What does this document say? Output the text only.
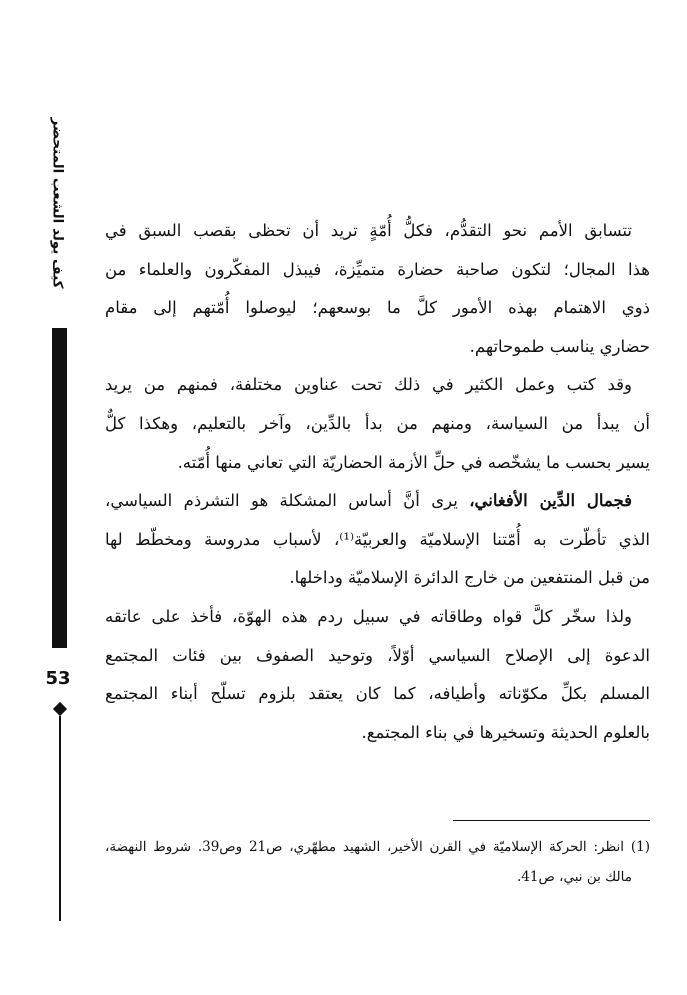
كيف يولد الشعب المتحضر
53
تتسابق الأمم نحو التقدُّم، فكلُّ أُمّةٍ تريد أن تحظى بقصب السبق في
هذا المجال؛ لتكون صاحبة حضارة متميِّزة، فيبذل المفكّرون والعلماء من
ذوي الاهتمام بهذه الأمور كلَّ ما بوسعهم؛ ليوصلوا أُمّتهم إلى مقام
حضاري يناسب طموحاتهم.
وقد كتب وعمل الكثير في ذلك تحت عناوين مختلفة، فمنهم من يريد
أن يبدأ من السياسة، ومنهم من بدأ بالدِّين، وآخر بالتعليم، وهكذا كلٌّ
يسير بحسب ما يشخّصه في حلِّ الأزمة الحضاريّة التي تعاني منها أُمّته.
فجمال الدِّين الأفغاني، يرى أنَّ أساس المشكلة هو التشرذم السياسي،
الذي تأطّرت به أُمّتنا الإسلاميّة والعربيّة⁽¹⁾، لأسباب مدروسة ومخطّط لها
من قبل المنتفعين من خارج الدائرة الإسلاميّة وداخلها.
ولذا سخّر كلَّ قواه وطاقاته في سبيل ردم هذه الهوّة، فأخذ على عاتقه
الدعوة إلى الإصلاح السياسي أوّلاً، وتوحيد الصفوف بين فئات المجتمع
المسلم بكلِّ مكوّناته وأطيافه، كما كان يعتقد بلزوم تسلّح أبناء المجتمع
بالعلوم الحديثة وتسخيرها في بناء المجتمع.
(1) انظر: الحركة الإسلاميّة في القرن الأخير، الشهيد مطهّري، ص21 وص39. شروط النهضة،
مالك بن نبي، ص41.
